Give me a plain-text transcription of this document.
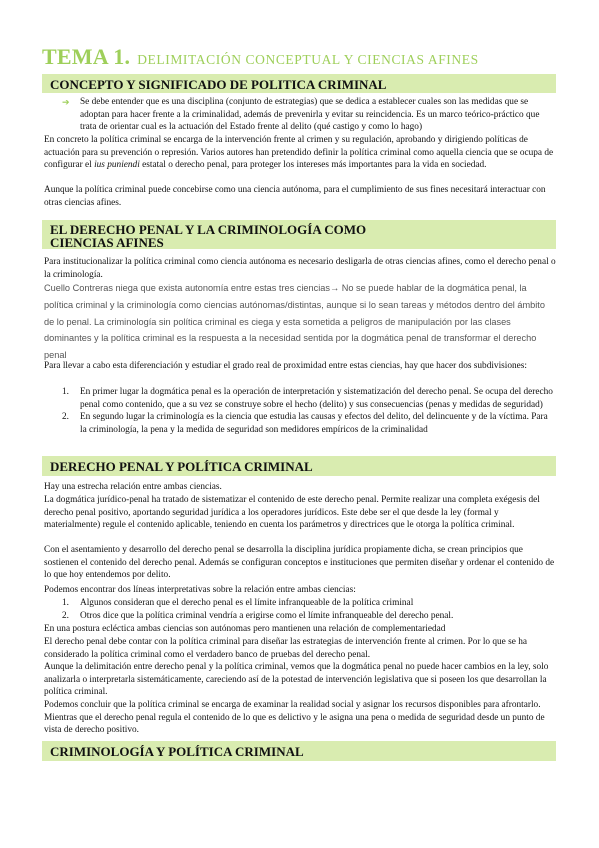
TEMA 1. DELIMITACIÓN CONCEPTUAL Y CIENCIAS AFINES
CONCEPTO Y SIGNIFICADO DE POLITICA CRIMINAL
➔ Se debe entender que es una disciplina (conjunto de estrategias) que se dedica a establecer cuales son las medidas que se adoptan para hacer frente a la criminalidad, además de prevenirla y evitar su reincidencia. Es un marco teórico-práctico que trata de orientar cual es la actuación del Estado frente al delito (qué castigo y como lo hago)

En concreto la política criminal se encarga de la intervención frente al crimen y su regulación, aprobando y dirigiendo políticas de actuación para su prevención o represión. Varios autores han pretendido definir la política criminal como aquella ciencia que se ocupa de configurar el ius puniendi estatal o derecho penal, para proteger los intereses más importantes para la vida en sociedad.

Aunque la política criminal puede concebirse como una ciencia autónoma, para el cumplimiento de sus fines necesitará interactuar con otras ciencias afines.

EL DERECHO PENAL Y LA CRIMINOLOGÍA COMO
CIENCIAS AFINES

Para institucionalizar la política criminal como ciencia autónoma es necesario desligarla de otras ciencias afines, como el derecho penal o la criminología.

Cuello Contreras niega que exista autonomía entre estas tres ciencias→ No se puede hablar de la dogmática penal, la política criminal y la criminología como ciencias autónomas/distintas, aunque si lo sean tareas y métodos dentro del ámbito de lo penal. La criminología sin política criminal es ciega y esta sometida a peligros de manipulación por las clases dominantes y la política criminal es la respuesta a la necesidad sentida por la dogmática penal de transformar el derecho penal

Para llevar a cabo esta diferenciación y estudiar el grado real de proximidad entre estas ciencias, hay que hacer dos subdivisiones:

1. En primer lugar la dogmática penal es la operación de interpretación y sistematización del derecho penal. Se ocupa del derecho penal como contenido, que a su vez se construye sobre el hecho (delito) y sus consecuencias (penas y medidas de seguridad)
2. En segundo lugar la criminología es la ciencia que estudia las causas y efectos del delito, del delincuente y de la víctima. Para la criminología, la pena y la medida de seguridad son medidores empíricos de la criminalidad
DERECHO PENAL Y POLÍTICA CRIMINAL

Hay una estrecha relación entre ambas ciencias.

La dogmática jurídico-penal ha tratado de sistematizar el contenido de este derecho penal. Permite realizar una completa exégesis del derecho penal positivo, aportando seguridad jurídica a los operadores jurídicos. Este debe ser el que desde la ley (formal y materialmente) regule el contenido aplicable, teniendo en cuenta los parámetros y directrices que le otorga la política criminal.

Con el asentamiento y desarrollo del derecho penal se desarrolla la disciplina jurídica propiamente dicha, se crean principios que sostienen el contenido del derecho penal. Además se configuran conceptos e instituciones que permiten diseñar y ordenar el contenido de lo que hoy entendemos por delito.

Podemos encontrar dos líneas interpretativas sobre la relación entre ambas ciencias:

1. Algunos consideran que el derecho penal es el límite infranqueable de la política criminal
2. Otros dice que la política criminal vendría a erigirse como el límite infranqueable del derecho penal.

En una postura ecléctica ambas ciencias son autónomas pero mantienen una relación de complementariedad

El derecho penal debe contar con la política criminal para diseñar las estrategias de intervención frente al crimen. Por lo que se ha considerado la política criminal como el verdadero banco de pruebas del derecho penal.

Aunque la delimitación entre derecho penal y la política criminal, vemos que la dogmática penal no puede hacer cambios en la ley, solo analizarla o interpretarla sistemáticamente, careciendo así de la potestad de intervención legislativa que si poseen los que desarrollan la política criminal.

Podemos concluir que la política criminal se encarga de examinar la realidad social y asignar los recursos disponibles para afrontarlo. Mientras que el derecho penal regula el contenido de lo que es delictivo y le asigna una pena o medida de seguridad desde un punto de vista de derecho positivo.

CRIMINOLOGÍA Y POLÍTICA CRIMINAL
